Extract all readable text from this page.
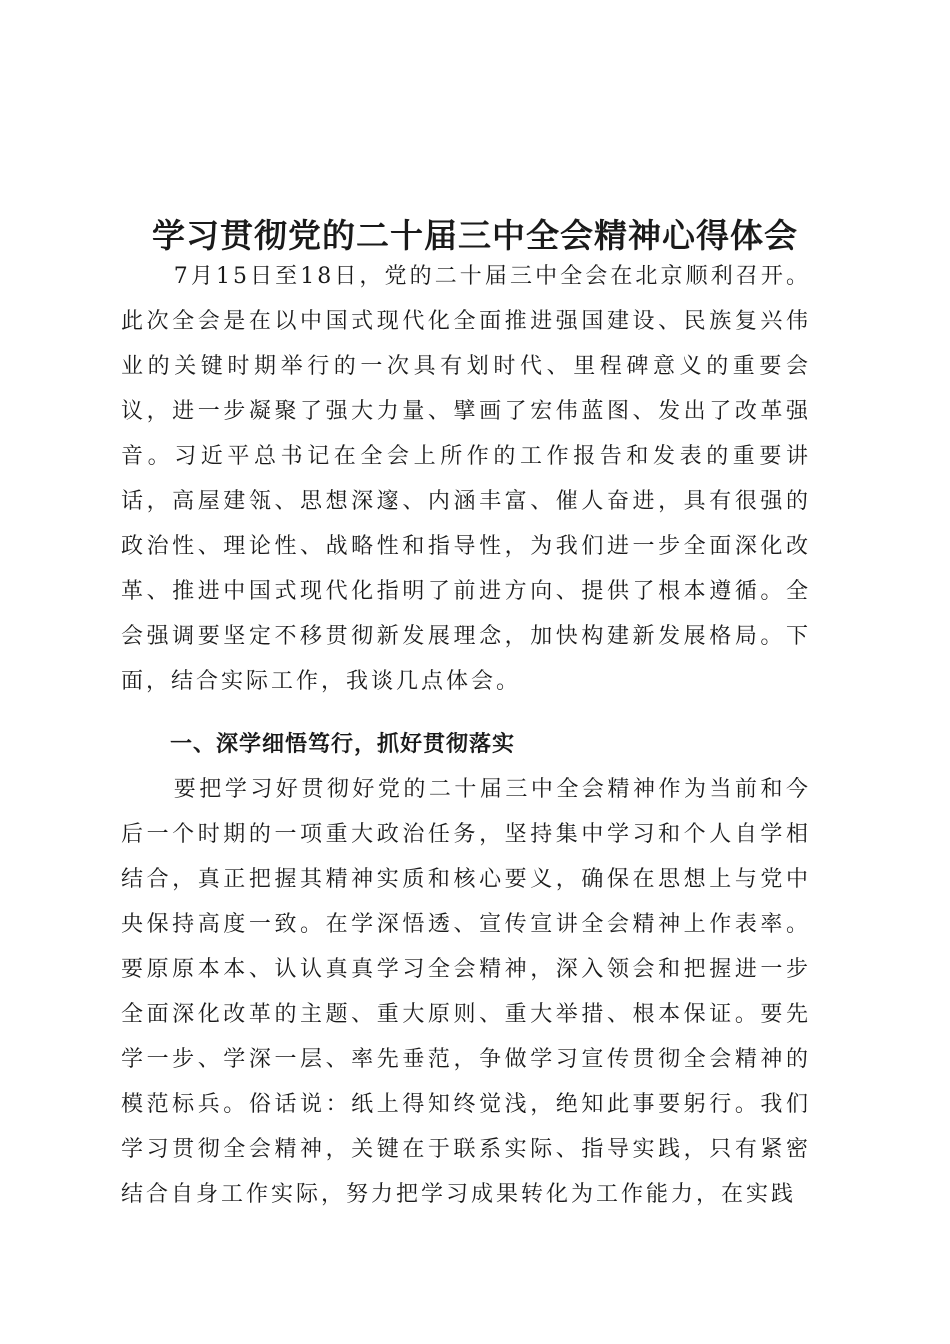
学习贯彻党的二十届三中全会精神心得体会

7月15日至18日，党的二十届三中全会在北京顺利召开。此次全会是在以中国式现代化全面推进强国建设、民族复兴伟业的关键时期举行的一次具有划时代、里程碑意义的重要会议，进一步凝聚了强大力量、擘画了宏伟蓝图、发出了改革强音。习近平总书记在全会上所作的工作报告和发表的重要讲话，高屋建瓴、思想深邃、内涵丰富、催人奋进，具有很强的政治性、理论性、战略性和指导性，为我们进一步全面深化改革、推进中国式现代化指明了前进方向、提供了根本遵循。全会强调要坚定不移贯彻新发展理念，加快构建新发展格局。下面，结合实际工作，我谈几点体会。

一、深学细悟笃行，抓好贯彻落实

要把学习好贯彻好党的二十届三中全会精神作为当前和今后一个时期的一项重大政治任务，坚持集中学习和个人自学相结合，真正把握其精神实质和核心要义，确保在思想上与党中央保持高度一致。在学深悟透、宣传宣讲全会精神上作表率。要原原本本、认认真真学习全会精神，深入领会和把握进一步全面深化改革的主题、重大原则、重大举措、根本保证。要先学一步、学深一层、率先垂范，争做学习宣传贯彻全会精神的模范标兵。俗话说：纸上得知终觉浅，绝知此事要躬行。我们学习贯彻全会精神，关键在于联系实际、指导实践，只有紧密结合自身工作实际，努力把学习成果转化为工作能力，在实践
